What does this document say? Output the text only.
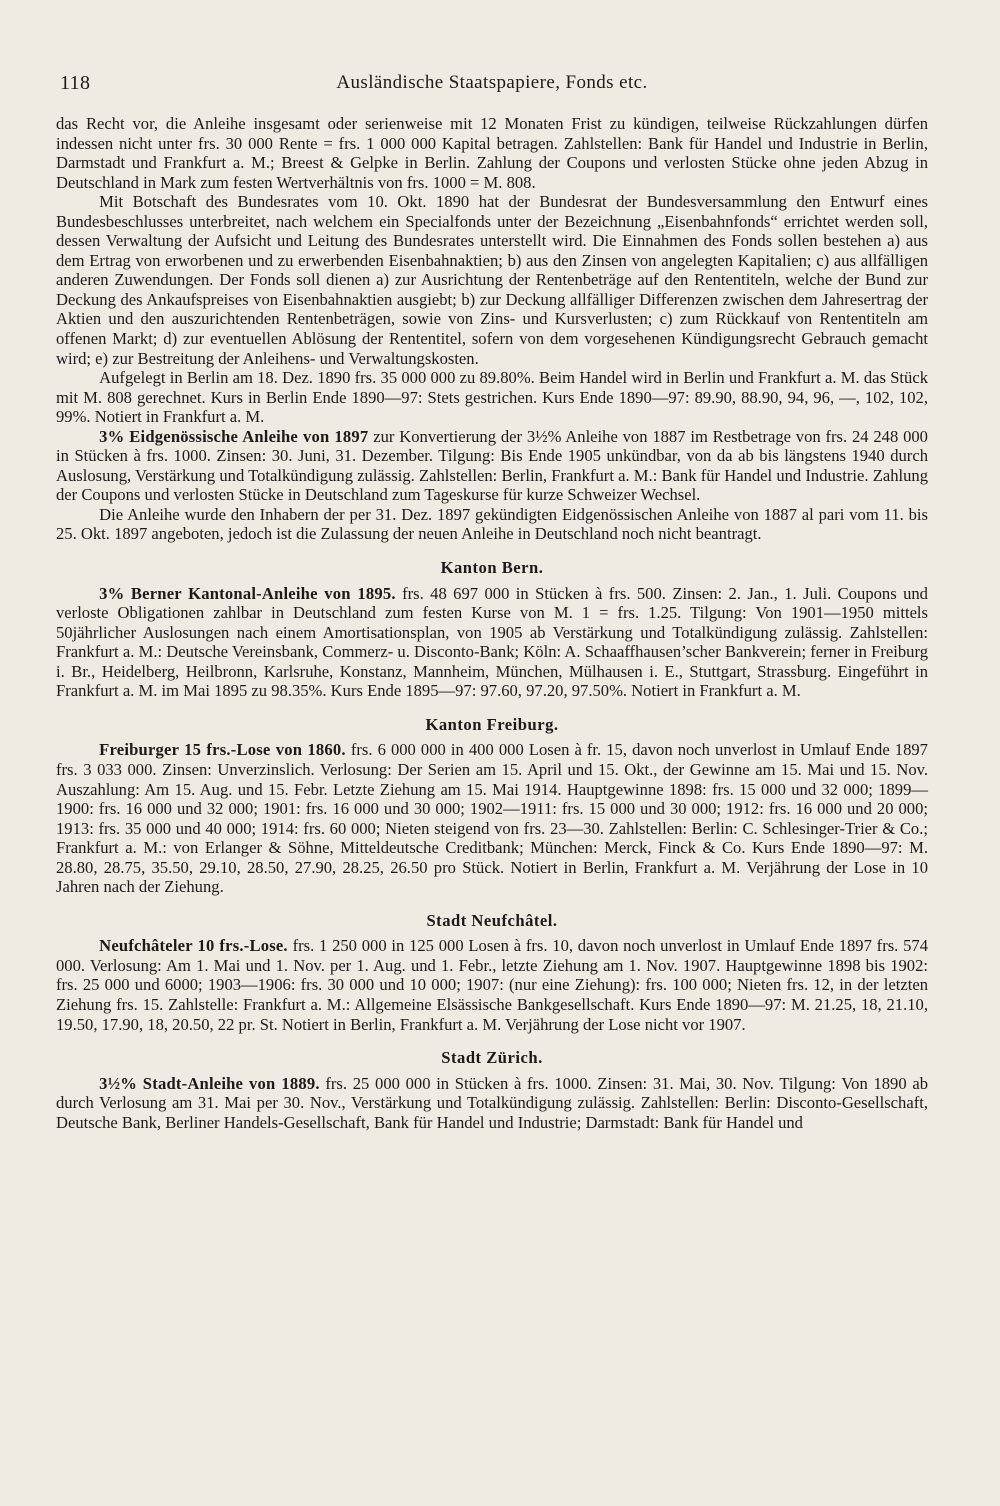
118	Ausländische Staatspapiere, Fonds etc.

das Recht vor, die Anleihe insgesamt oder serienweise mit 12 Monaten Frist zu kündigen, teilweise Rückzahlungen dürfen indessen nicht unter frs. 30 000 Rente = frs. 1 000 000 Kapital betragen. Zahlstellen: Bank für Handel und Industrie in Berlin, Darmstadt und Frankfurt a. M.; Breest & Gelpke in Berlin. Zahlung der Coupons und verlosten Stücke ohne jeden Abzug in Deutschland in Mark zum festen Wertverhältnis von frs. 1000 = M. 808.

Mit Botschaft des Bundesrates vom 10. Okt. 1890 hat der Bundesrat der Bundesversammlung den Entwurf eines Bundesbeschlusses unterbreitet, nach welchem ein Specialfonds unter der Bezeichnung „Eisenbahnfonds“ errichtet werden soll, dessen Verwaltung der Aufsicht und Leitung des Bundesrates unterstellt wird. Die Einnahmen des Fonds sollen bestehen a) aus dem Ertrag von erworbenen und zu erwerbenden Eisenbahnaktien; b) aus den Zinsen von angelegten Kapitalien; c) aus allfälligen anderen Zuwendungen. Der Fonds soll dienen a) zur Ausrichtung der Rentenbeträge auf den Rententiteln, welche der Bund zur Deckung des Ankaufspreises von Eisenbahnaktien ausgiebt; b) zur Deckung allfälliger Differenzen zwischen dem Jahresertrag der Aktien und den auszurichtenden Rentenbeträgen, sowie von Zins- und Kursverlusten; c) zum Rückkauf von Rententiteln am offenen Markt; d) zur eventuellen Ablösung der Rententitel, sofern von dem vorgesehenen Kündigungsrecht Gebrauch gemacht wird; e) zur Bestreitung der Anleihens- und Verwaltungskosten.

Aufgelegt in Berlin am 18. Dez. 1890 frs. 35 000 000 zu 89.80%. Beim Handel wird in Berlin und Frankfurt a. M. das Stück mit M. 808 gerechnet. Kurs in Berlin Ende 1890—97: Stets gestrichen. Kurs Ende 1890—97: 89.90, 88.90, 94, 96, —, 102, 102, 99%. Notiert in Frankfurt a. M.

3% Eidgenössische Anleihe von 1897 zur Konvertierung der 3½% Anleihe von 1887 im Restbetrage von frs. 24 248 000 in Stücken à frs. 1000. Zinsen: 30. Juni, 31. Dezember. Tilgung: Bis Ende 1905 unkündbar, von da ab bis längstens 1940 durch Auslosung, Verstärkung und Totalkündigung zulässig. Zahlstellen: Berlin, Frankfurt a. M.: Bank für Handel und Industrie. Zahlung der Coupons und verlosten Stücke in Deutschland zum Tageskurse für kurze Schweizer Wechsel.

Die Anleihe wurde den Inhabern der per 31. Dez. 1897 gekündigten Eidgenössischen Anleihe von 1887 al pari vom 11. bis 25. Okt. 1897 angeboten, jedoch ist die Zulassung der neuen Anleihe in Deutschland noch nicht beantragt.

Kanton Bern.

3% Berner Kantonal-Anleihe von 1895. frs. 48 697 000 in Stücken à frs. 500. Zinsen: 2. Jan., 1. Juli. Coupons und verloste Obligationen zahlbar in Deutschland zum festen Kurse von M. 1 = frs. 1.25. Tilgung: Von 1901—1950 mittels 50jährlicher Auslosungen nach einem Amortisationsplan, von 1905 ab Verstärkung und Totalkündigung zulässig. Zahlstellen: Frankfurt a. M.: Deutsche Vereinsbank, Commerz- u. Disconto-Bank; Köln: A. Schaaffhausen’scher Bankverein; ferner in Freiburg i. Br., Heidelberg, Heilbronn, Karlsruhe, Konstanz, Mannheim, München, Mülhausen i. E., Stuttgart, Strassburg. Eingeführt in Frankfurt a. M. im Mai 1895 zu 98.35%. Kurs Ende 1895—97: 97.60, 97.20, 97.50%. Notiert in Frankfurt a. M.

Kanton Freiburg.

Freiburger 15 frs.-Lose von 1860. frs. 6 000 000 in 400 000 Losen à fr. 15, davon noch unverlost in Umlauf Ende 1897 frs. 3 033 000. Zinsen: Unverzinslich. Verlosung: Der Serien am 15. April und 15. Okt., der Gewinne am 15. Mai und 15. Nov. Auszahlung: Am 15. Aug. und 15. Febr. Letzte Ziehung am 15. Mai 1914. Hauptgewinne 1898: frs. 15 000 und 32 000; 1899—1900: frs. 16 000 und 32 000; 1901: frs. 16 000 und 30 000; 1902—1911: frs. 15 000 und 30 000; 1912: frs. 16 000 und 20 000; 1913: frs. 35 000 und 40 000; 1914: frs. 60 000; Nieten steigend von frs. 23—30. Zahlstellen: Berlin: C. Schlesinger-Trier & Co.; Frankfurt a. M.: von Erlanger & Söhne, Mitteldeutsche Creditbank; München: Merck, Finck & Co. Kurs Ende 1890—97: M. 28.80, 28.75, 35.50, 29.10, 28.50, 27.90, 28.25, 26.50 pro Stück. Notiert in Berlin, Frankfurt a. M. Verjährung der Lose in 10 Jahren nach der Ziehung.

Stadt Neufchâtel.

Neufchâteler 10 frs.-Lose. frs. 1 250 000 in 125 000 Losen à frs. 10, davon noch unverlost in Umlauf Ende 1897 frs. 574 000. Verlosung: Am 1. Mai und 1. Nov. per 1. Aug. und 1. Febr., letzte Ziehung am 1. Nov. 1907. Hauptgewinne 1898 bis 1902: frs. 25 000 und 6000; 1903—1906: frs. 30 000 und 10 000; 1907: (nur eine Ziehung): frs. 100 000; Nieten frs. 12, in der letzten Ziehung frs. 15. Zahlstelle: Frankfurt a. M.: Allgemeine Elsässische Bankgesellschaft. Kurs Ende 1890—97: M. 21.25, 18, 21.10, 19.50, 17.90, 18, 20.50, 22 pr. St. Notiert in Berlin, Frankfurt a. M. Verjährung der Lose nicht vor 1907.

Stadt Zürich.

3½% Stadt-Anleihe von 1889. frs. 25 000 000 in Stücken à frs. 1000. Zinsen: 31. Mai, 30. Nov. Tilgung: Von 1890 ab durch Verlosung am 31. Mai per 30. Nov., Verstärkung und Totalkündigung zulässig. Zahlstellen: Berlin: Disconto-Gesellschaft, Deutsche Bank, Berliner Handels-Gesellschaft, Bank für Handel und Industrie; Darmstadt: Bank für Handel und
